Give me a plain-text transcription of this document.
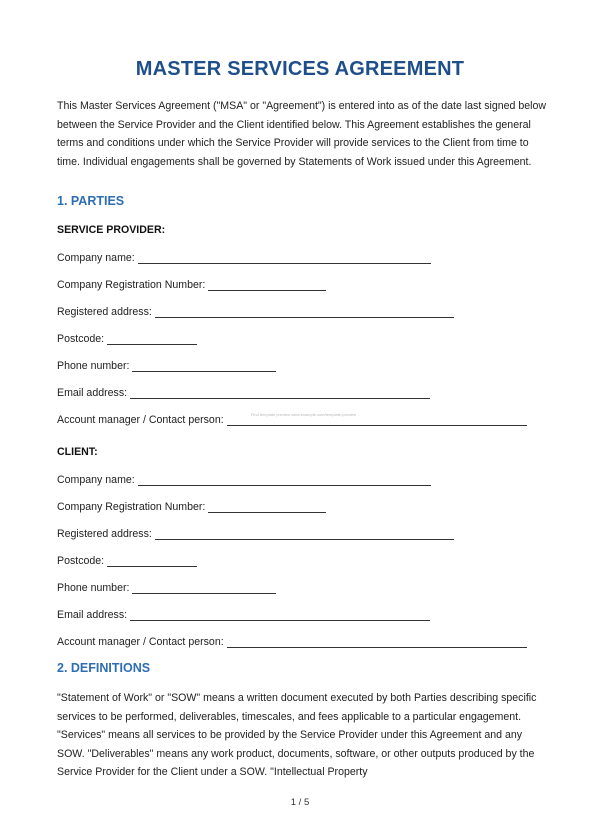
MASTER SERVICES AGREEMENT
This Master Services Agreement ("MSA" or "Agreement") is entered into as of the date last signed below between the Service Provider and the Client identified below. This Agreement establishes the general terms and conditions under which the Service Provider will provide services to the Client from time to time. Individual engagements shall be governed by Statements of Work issued under this Agreement.
1. PARTIES
SERVICE PROVIDER:
Company name:
Company Registration Number:
Registered address:
Postcode:
Phone number:
Email address:
Account manager / Contact person:
CLIENT:
Company name:
Company Registration Number:
Registered address:
Postcode:
Phone number:
Email address:
Account manager / Contact person:
2. DEFINITIONS
"Statement of Work" or "SOW" means a written document executed by both Parties describing specific services to be performed, deliverables, timescales, and fees applicable to a particular engagement. "Services" means all services to be provided by the Service Provider under this Agreement and any SOW. "Deliverables" means any work product, documents, software, or other outputs produced by the Service Provider for the Client under a SOW. "Intellectual Property
Find template preview www.example.com/template-preview
1 / 5
